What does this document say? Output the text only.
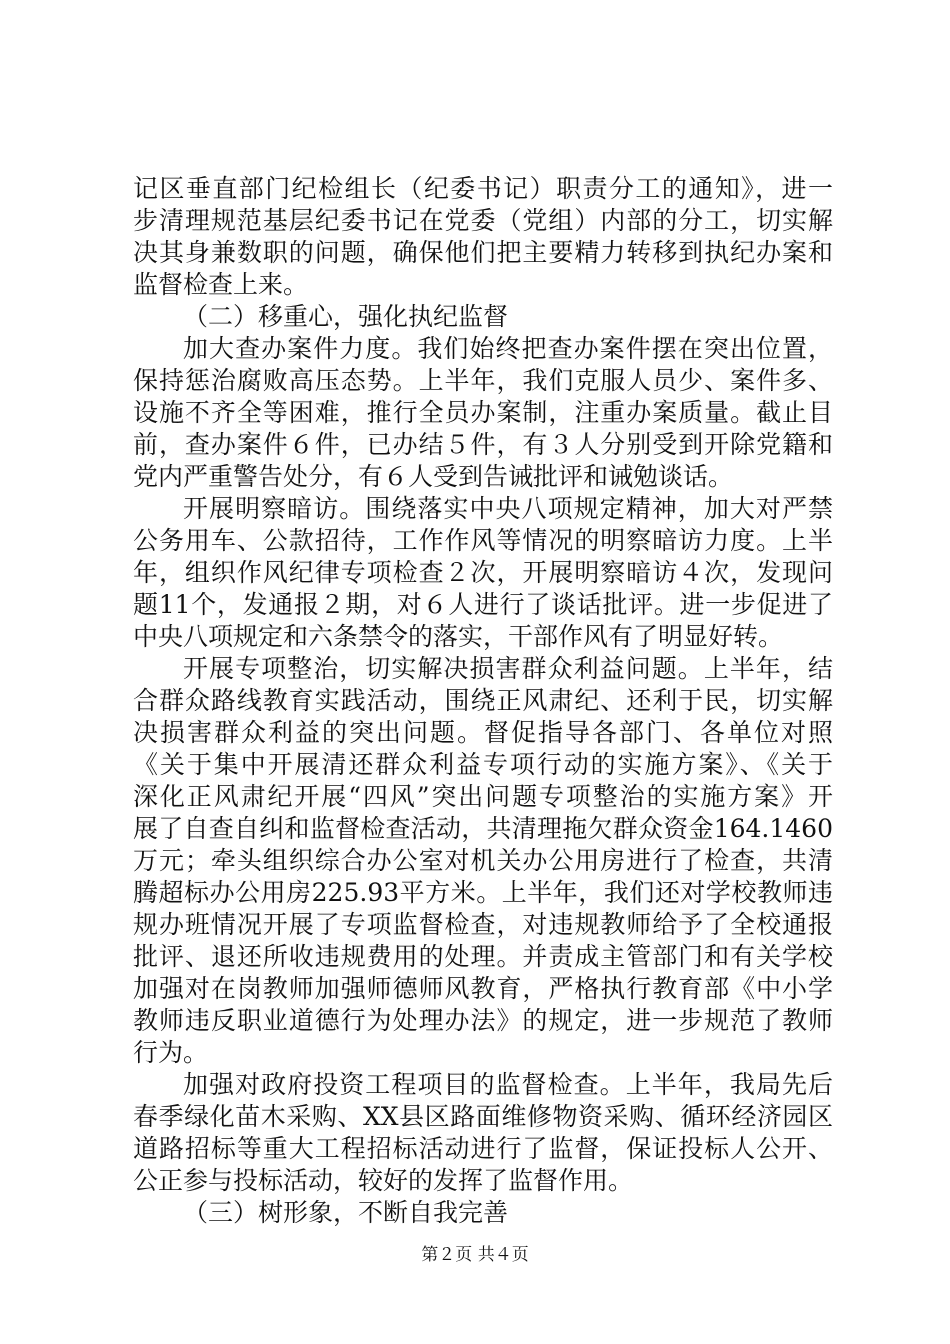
记区垂直部门纪检组长（纪委书记）职责分工的通知》，进一
步清理规范基层纪委书记在党委（党组）内部的分工，切实解
决其身兼数职的问题，确保他们把主要精力转移到执纪办案和
监督检查上来。
（二）移重心，强化执纪监督
加大查办案件力度。我们始终把查办案件摆在突出位置，
保持惩治腐败高压态势。上半年，我们克服人员少、案件多、
设施不齐全等困难，推行全员办案制，注重办案质量。截止目
前，查办案件６件，已办结５件，有３人分别受到开除党籍和
党内严重警告处分，有６人受到告诫批评和诫勉谈话。
开展明察暗访。围绕落实中央八项规定精神，加大对严禁
公务用车、公款招待，工作作风等情况的明察暗访力度。上半
年，组织作风纪律专项检查２次，开展明察暗访４次，发现问
题11个，发通报２期，对６人进行了谈话批评。进一步促进了
中央八项规定和六条禁令的落实，干部作风有了明显好转。
开展专项整治，切实解决损害群众利益问题。上半年，结
合群众路线教育实践活动，围绕正风肃纪、还利于民，切实解
决损害群众利益的突出问题。督促指导各部门、各单位对照
《关于集中开展清还群众利益专项行动的实施方案》、《关于
深化正风肃纪开展“四风”突出问题专项整治的实施方案》开
展了自查自纠和监督检查活动，共清理拖欠群众资金164.1460
万元；牵头组织综合办公室对机关办公用房进行了检查，共清
腾超标办公用房225.93平方米。上半年，我们还对学校教师违
规办班情况开展了专项监督检查，对违规教师给予了全校通报
批评、退还所收违规费用的处理。并责成主管部门和有关学校
加强对在岗教师加强师德师风教育，严格执行教育部《中小学
教师违反职业道德行为处理办法》的规定，进一步规范了教师
行为。
加强对政府投资工程项目的监督检查。上半年，我局先后
春季绿化苗木采购、XX县区路面维修物资采购、循环经济园区
道路招标等重大工程招标活动进行了监督，保证投标人公开、
公正参与投标活动，较好的发挥了监督作用。
（三）树形象，不断自我完善
第２页 共４页
